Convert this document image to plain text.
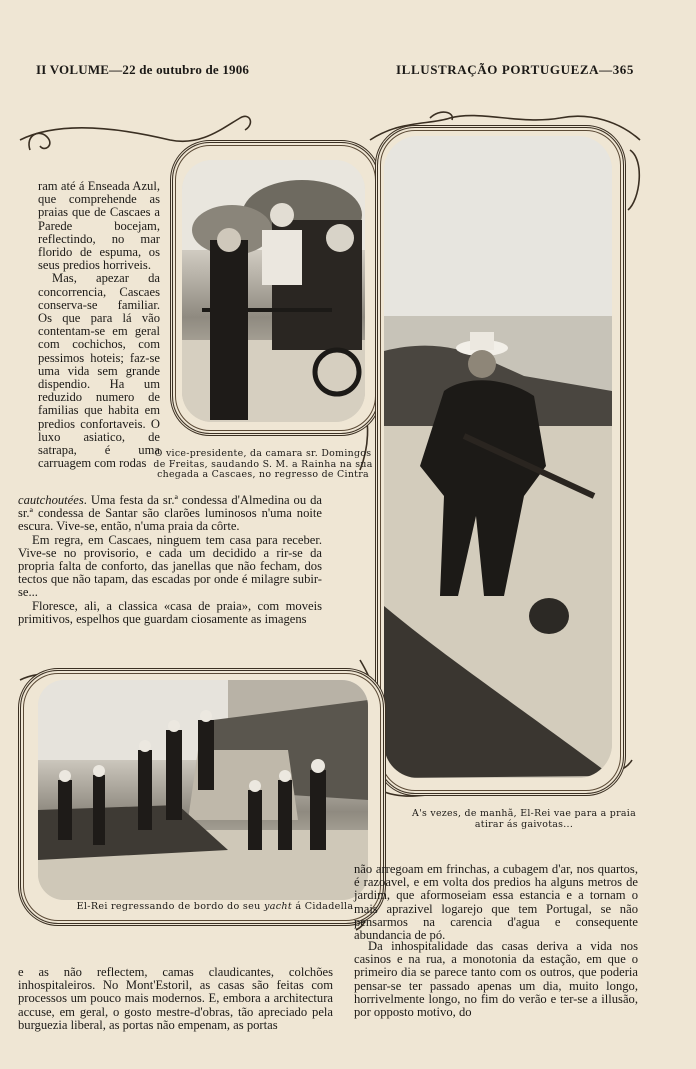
II VOLUME—22 de outubro de 1906	ILLUSTRAÇÃO PORTUGUEZA—365
O vice-presidente, da camara sr. Domingos de Freitas, saudando S. M. a Rainha na sua chegada a Cascaes, no regresso de Cintra
A's vezes, de manhã, El-Rei vae para a praia atirar ás gaivotas...
El-Rei regressando de bordo do seu yacht á Cidadella

ram até á Enseada Azul, que comprehende as praias que de Cascaes a Parede bocejam, reflectindo, no mar florido de espuma, os seus predios horriveis.

Mas, apezar da concorrencia, Cascaes conserva-se familiar. Os que para lá vão contentam-se em geral com cochichos, com pessimos hoteis; faz-se uma vida sem grande dispendio. Ha um reduzido numero de familias que habita em predios confortaveis. O luxo asiatico, de satrapa, é uma carruagem com rodas

cautchoutées. Uma festa da sr.ª condessa d'Almedina ou da sr.ª condessa de Santar são clarões luminosos n'uma noite escura. Vive-se, então, n'uma praia da côrte.

Em regra, em Cascaes, ninguem tem casa para receber. Vive-se no provisorio, e cada um decidido a rir-se da propria falta de conforto, das janellas que não fecham, dos tectos que não tapam, das escadas por onde é milagre subir-se...

Floresce, ali, a classica «casa de praia», com moveis primitivos, espelhos que guardam ciosamente as imagens

e as não reflectem, camas claudicantes, colchões inhospitaleiros. No Mont'Estoril, as casas são feitas com processos um pouco mais modernos. E, embora a architectura accuse, em geral, o gosto mestre-d'obras, tão apreciado pela burguezia liberal, as portas não empenam, as portas

não arregoam em frinchas, a cubagem d'ar, nos quartos, é razoavel, e em volta dos predios ha alguns metros de jardim, que aformoseiam essa estancia e a tornam o mais aprazivel logarejo que tem Portugal, se não pensarmos na carencia d'agua e consequente abundancia de pó.

Da inhospitalidade das casas deriva a vida nos casinos e na rua, a monotonia da estação, em que o primeiro dia se parece tanto com os outros, que poderia pensar-se ter passado apenas um dia, muito longo, horrivelmente longo, no fim do verão e ter-se a illusão, por opposto motivo, do
